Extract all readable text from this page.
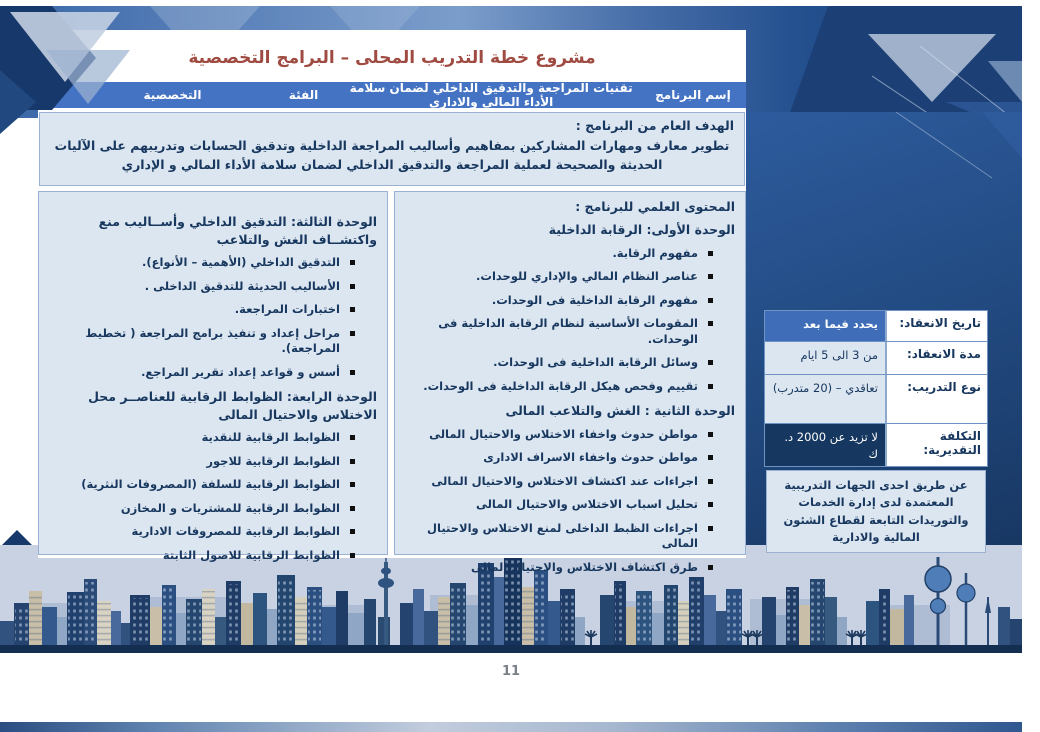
مشروع خطة التدريب المحلى – البرامج التخصصية
إسم البرنامج
تقنيات المراجعة والتدقيق الداخلي لضمان سلامة الأداء المالي والاداري
الفئة
التخصصية
الهدف العام من البرنامج :
تطوير معارف ومهارات المشاركين بمفاهيم وأساليب المراجعة الداخلية وتدقيق الحسابات وتدريبهم على الآليات الحديثة والصحيحة لعملية المراجعة والتدقيق الداخلي لضمان سلامة الأداء المالي و الإداري
المحتوى العلمي للبرنامج :
الوحدة الأولى: الرقابة الداخلية
مفهوم الرقابة.
عناصر النظام المالي والإداري للوحدات.
مفهوم الرقابة الداخلية فى الوحدات.
المقومات الأساسية لنظام الرقابة الداخلية فى الوحدات.
وسائل الرقابة الداخلية فى الوحدات.
تقييم وفحص هيكل الرقابة الداخلية فى الوحدات.
الوحدة الثانية : الغش والتلاعب المالى
مواطن حدوث واخفاء الاختلاس والاحتيال المالى
مواطن حدوث واخفاء الاسراف الادارى
اجراءات عند اكتشاف الاختلاس والاحتيال المالى
تحليل اسباب الاختلاس والاحتيال المالى
اجراءات الظبط الداخلى لمنع الاختلاس والاحتيال المالى
طرق اكتشاف الاختلاس والاحتيال المالى
الوحدة الثالثة: التدقيق الداخلي وأســاليب منع واكتشــاف الغش والتلاعب
التدقيق الداخلي (الأهمية – الأنواع).
الأساليب الحديثة للتدقيق الداخلى .
اختبارات المراجعة.
مراحل إعداد و تنفيذ برامج المراجعة ( تخطيط المراجعة).
أسس و قواعد إعداد تقرير المراجع.
الوحدة الرابعة: الظوابط الرقابية للعناصــر محل الاختلاس والاحتيال المالى
الظوابط الرقابية للنقدية
الظوابط الرقابية للاجور
الظوابط الرقابية للسلفة (المصروفات النثرية)
الظوابط الرقابية للمشتريات و المخازن
الظوابط الرقابية للمصروفات الادارية
الظوابط الرقابية للاصول الثابتة
تاريخ الانعقاد:
يحدد فيما بعد
مدة الانعقاد:
من 3 الى 5 ايام
نوع التدريب:
تعاقدي – (20 متدرب)
التكلفة التقديرية:
لا تزيد عن 2000 د. ك
عن طريق احدى الجهات التدريبية المعتمدة لدى إدارة الخدمات والتوريدات التابعة لقطاع الشئون المالية والادارية
11
